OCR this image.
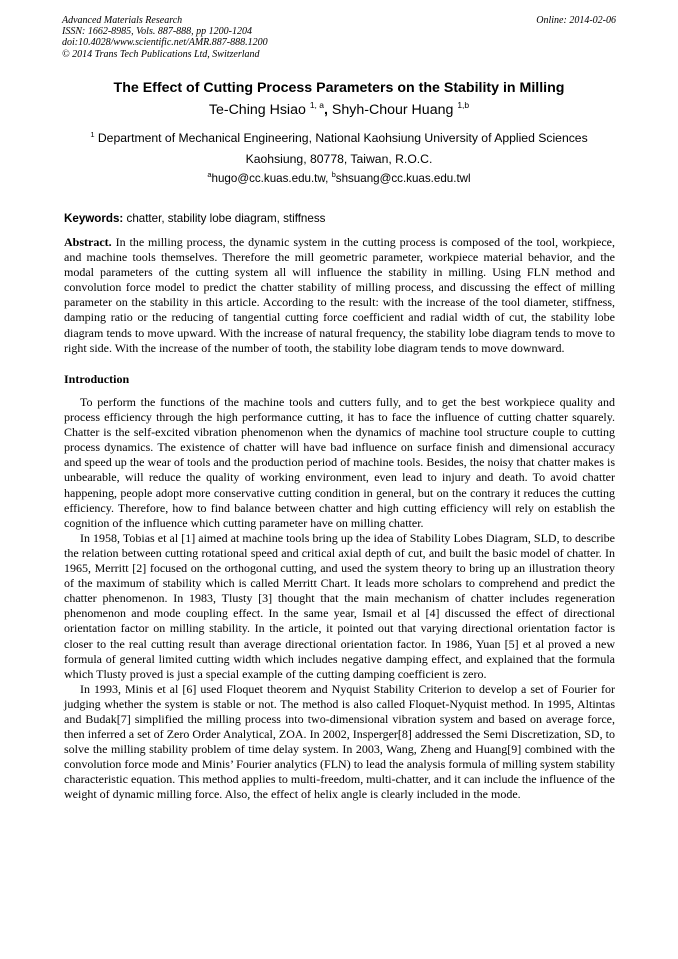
Advanced Materials Research
ISSN: 1662-8985, Vols. 887-888, pp 1200-1204
doi:10.4028/www.scientific.net/AMR.887-888.1200
© 2014 Trans Tech Publications Ltd, Switzerland
Online: 2014-02-06
The Effect of Cutting Process Parameters on the Stability in Milling
Te-Ching Hsiao $^{1, a}$, Shyh-Chour Huang $^{1,b}$
$^1$ Department of Mechanical Engineering, National Kaohsiung University of Applied Sciences
Kaohsiung, 80778, Taiwan, R.O.C.
$^a$hugo@cc.kuas.edu.tw, $^b$shsuang@cc.kuas.edu.twl
Keywords: chatter, stability lobe diagram, stiffness

Abstract. In the milling process, the dynamic system in the cutting process is composed of the tool, workpiece, and machine tools themselves. Therefore the mill geometric parameter, workpiece material behavior, and the modal parameters of the cutting system all will influence the stability in milling. Using FLN method and convolution force model to predict the chatter stability of milling process, and discussing the effect of milling parameter on the stability in this article. According to the result: with the increase of the tool diameter, stiffness, damping ratio or the reducing of tangential cutting force coefficient and radial width of cut, the stability lobe diagram tends to move upward. With the increase of natural frequency, the stability lobe diagram tends to move to right side. With the increase of the number of tooth, the stability lobe diagram tends to move downward.

Introduction

To perform the functions of the machine tools and cutters fully, and to get the best workpiece quality and process efficiency through the high performance cutting, it has to face the influence of cutting chatter squarely. Chatter is the self-excited vibration phenomenon when the dynamics of machine tool structure couple to cutting process dynamics. The existence of chatter will have bad influence on surface finish and dimensional accuracy and speed up the wear of tools and the production period of machine tools. Besides, the noisy that chatter makes is unbearable, will reduce the quality of working environment, even lead to injury and death. To avoid chatter happening, people adopt more conservative cutting condition in general, but on the contrary it reduces the cutting efficiency. Therefore, how to find balance between chatter and high cutting efficiency will rely on establish the cognition of the influence which cutting parameter have on milling chatter.

In 1958, Tobias et al [1] aimed at machine tools bring up the idea of Stability Lobes Diagram, SLD, to describe the relation between cutting rotational speed and critical axial depth of cut, and built the basic model of chatter. In 1965, Merritt [2] focused on the orthogonal cutting, and used the system theory to bring up an illustration theory of the maximum of stability which is called Merritt Chart. It leads more scholars to comprehend and predict the chatter phenomenon. In 1983, Tlusty [3] thought that the main mechanism of chatter includes regeneration phenomenon and mode coupling effect. In the same year, Ismail et al [4] discussed the effect of directional orientation factor on milling stability. In the article, it pointed out that varying directional orientation factor is closer to the real cutting result than average directional orientation factor. In 1986, Yuan [5] et al proved a new formula of general limited cutting width which includes negative damping effect, and explained that the formula which Tlusty proved is just a special example of the cutting damping coefficient is zero.

In 1993, Minis et al [6] used Floquet theorem and Nyquist Stability Criterion to develop a set of Fourier for judging whether the system is stable or not. The method is also called Floquet-Nyquist method. In 1995, Altintas and Budak[7] simplified the milling process into two-dimensional vibration system and based on average force, then inferred a set of Zero Order Analytical, ZOA. In 2002, Insperger[8] addressed the Semi Discretization, SD, to solve the milling stability problem of time delay system. In 2003, Wang, Zheng and Huang[9] combined with the convolution force mode and Minis’ Fourier analytics (FLN) to lead the analysis formula of milling system stability characteristic equation. This method applies to multi-freedom, multi-chatter, and it can include the influence of the weight of dynamic milling force. Also, the effect of helix angle is clearly included in the mode.
